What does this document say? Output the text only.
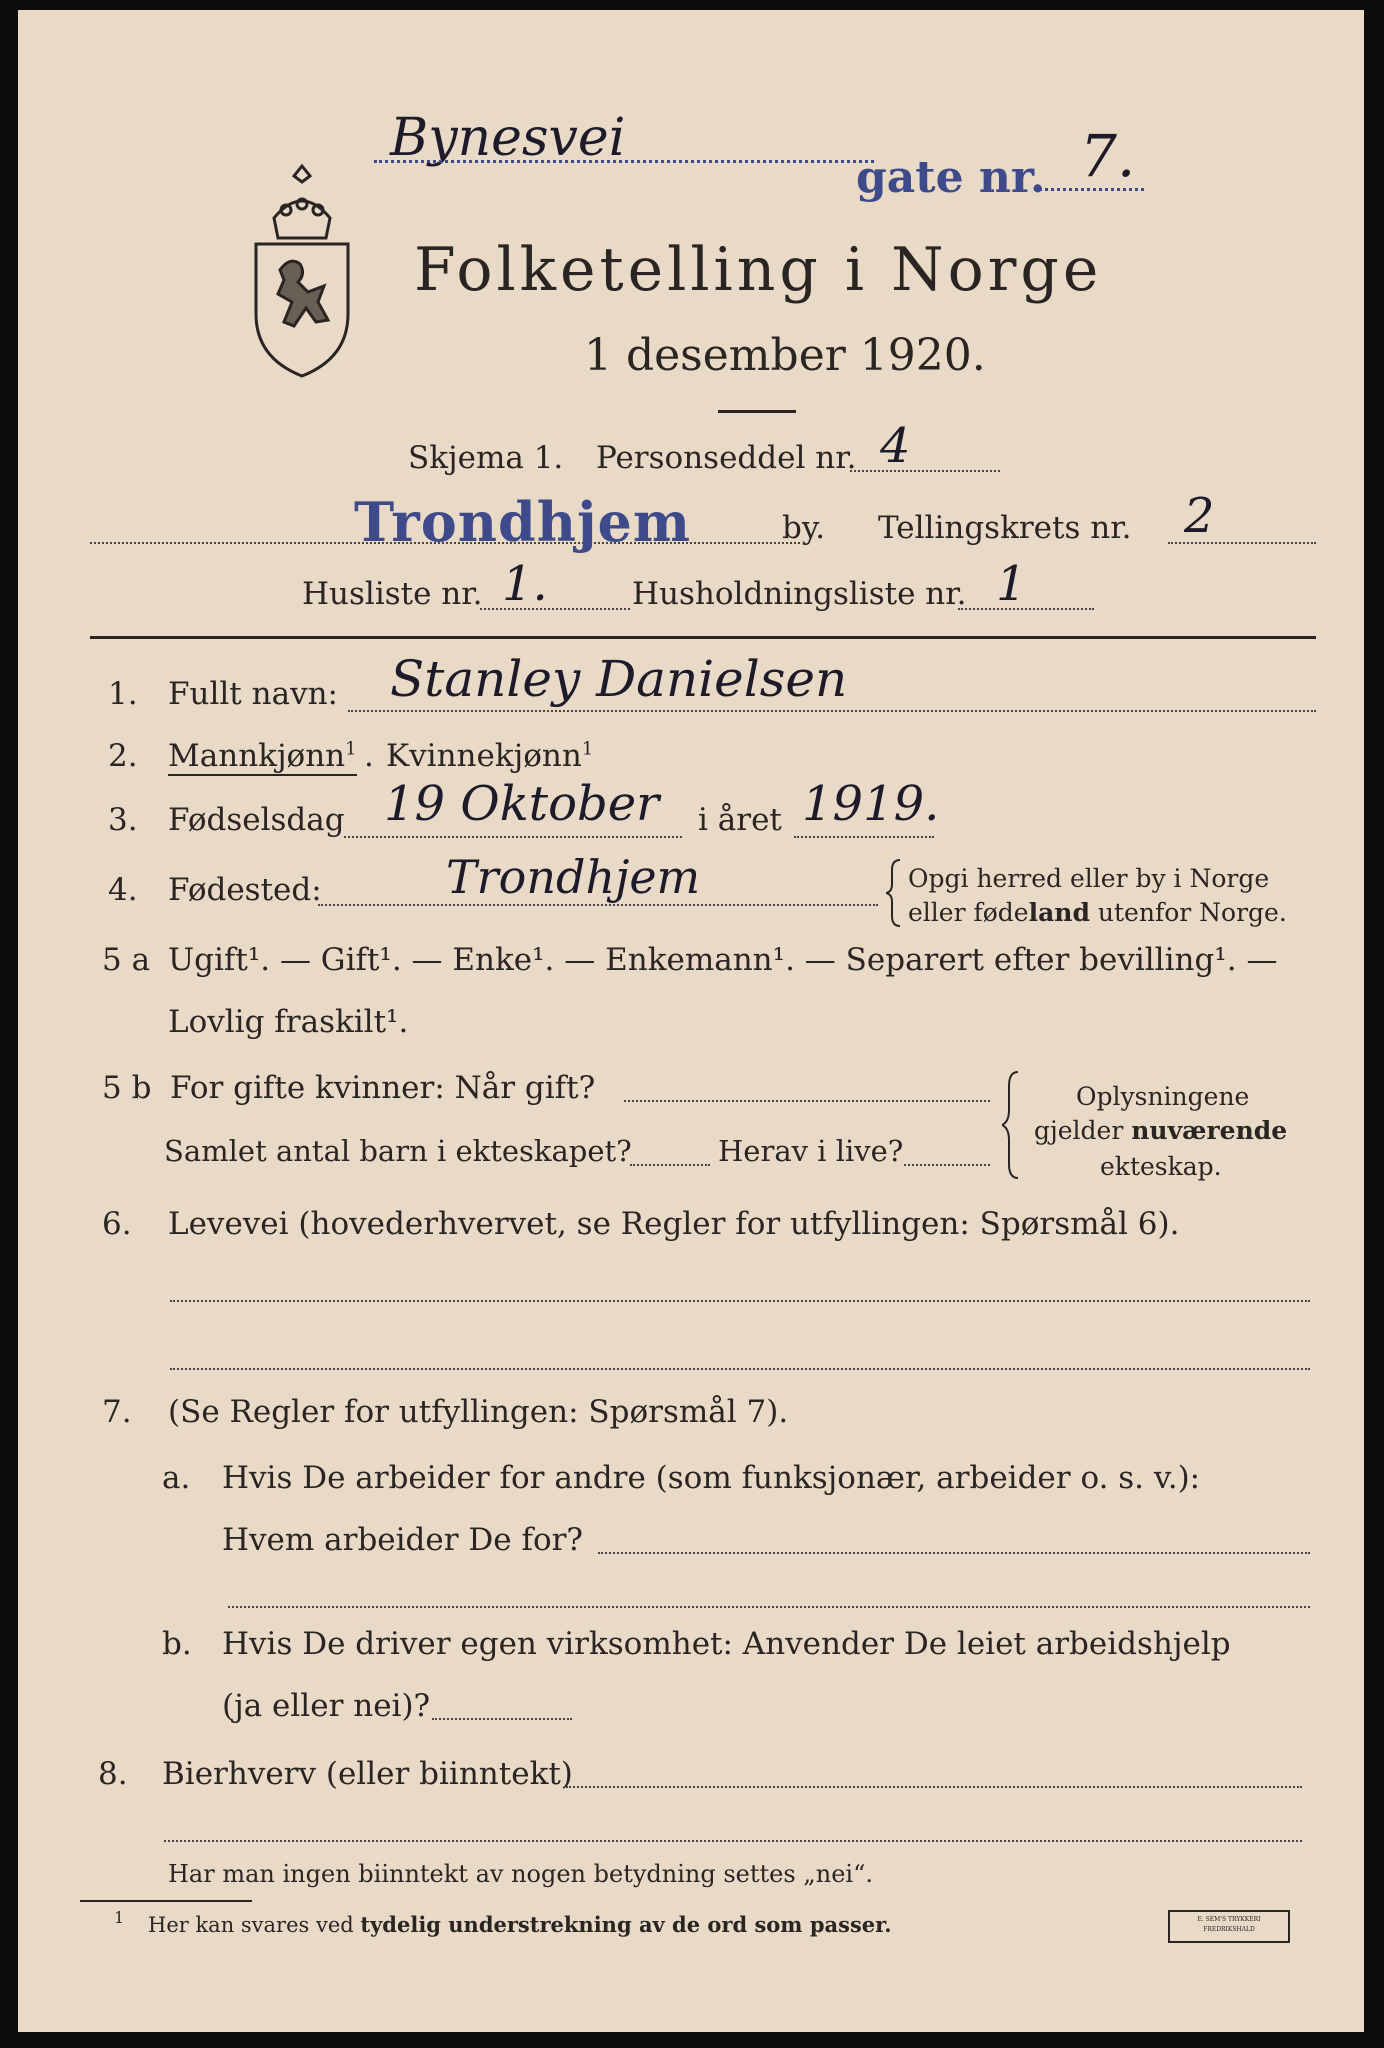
Bynesvei
gate nr. 7.
Folketelling i Norge
1 desember 1920.
Skjema 1. Personseddel nr. 4
Trondhjem	by. Tellingskrets nr. 2
Husliste nr. 1.	Husholdningsliste nr. 1
1. Fullt navn: Stanley Danielsen
2. Mannkjønn$^1$ . Kvinnekjønn$^1$
3. Fødselsdag 19 Oktober i året 1919.
4. Fødested:	Trondhjem	Opgi herred eller by i Norge
eller fødeland utenfor Norge.
5 a Ugift¹. — Gift¹. — Enke¹. — Enkemann¹. — Separert efter bevilling¹. —
Lovlig fraskilt¹.
5 b For gifte kvinner: Når gift?
Samlet antal barn i ekteskapet?	Herav i live?
Oplysningene
gjelder nuværende
ekteskap.
6. Levevei (hovederhvervet, se Regler for utfyllingen: Spørsmål 6).
7. (Se Regler for utfyllingen: Spørsmål 7).
a. Hvis De arbeider for andre (som funksjonær, arbeider o. s. v.):
Hvem arbeider De for?
b. Hvis De driver egen virksomhet: Anvender De leiet arbeidshjelp
(ja eller nei)?
8. Bierhverv (eller biinntekt)
Har man ingen biinntekt av nogen betydning settes „nei“.
1 Her kan svares ved tydelig understrekning av de ord som passer.	E. SEM'S TRYKKERI
FREDRIKSHALD
